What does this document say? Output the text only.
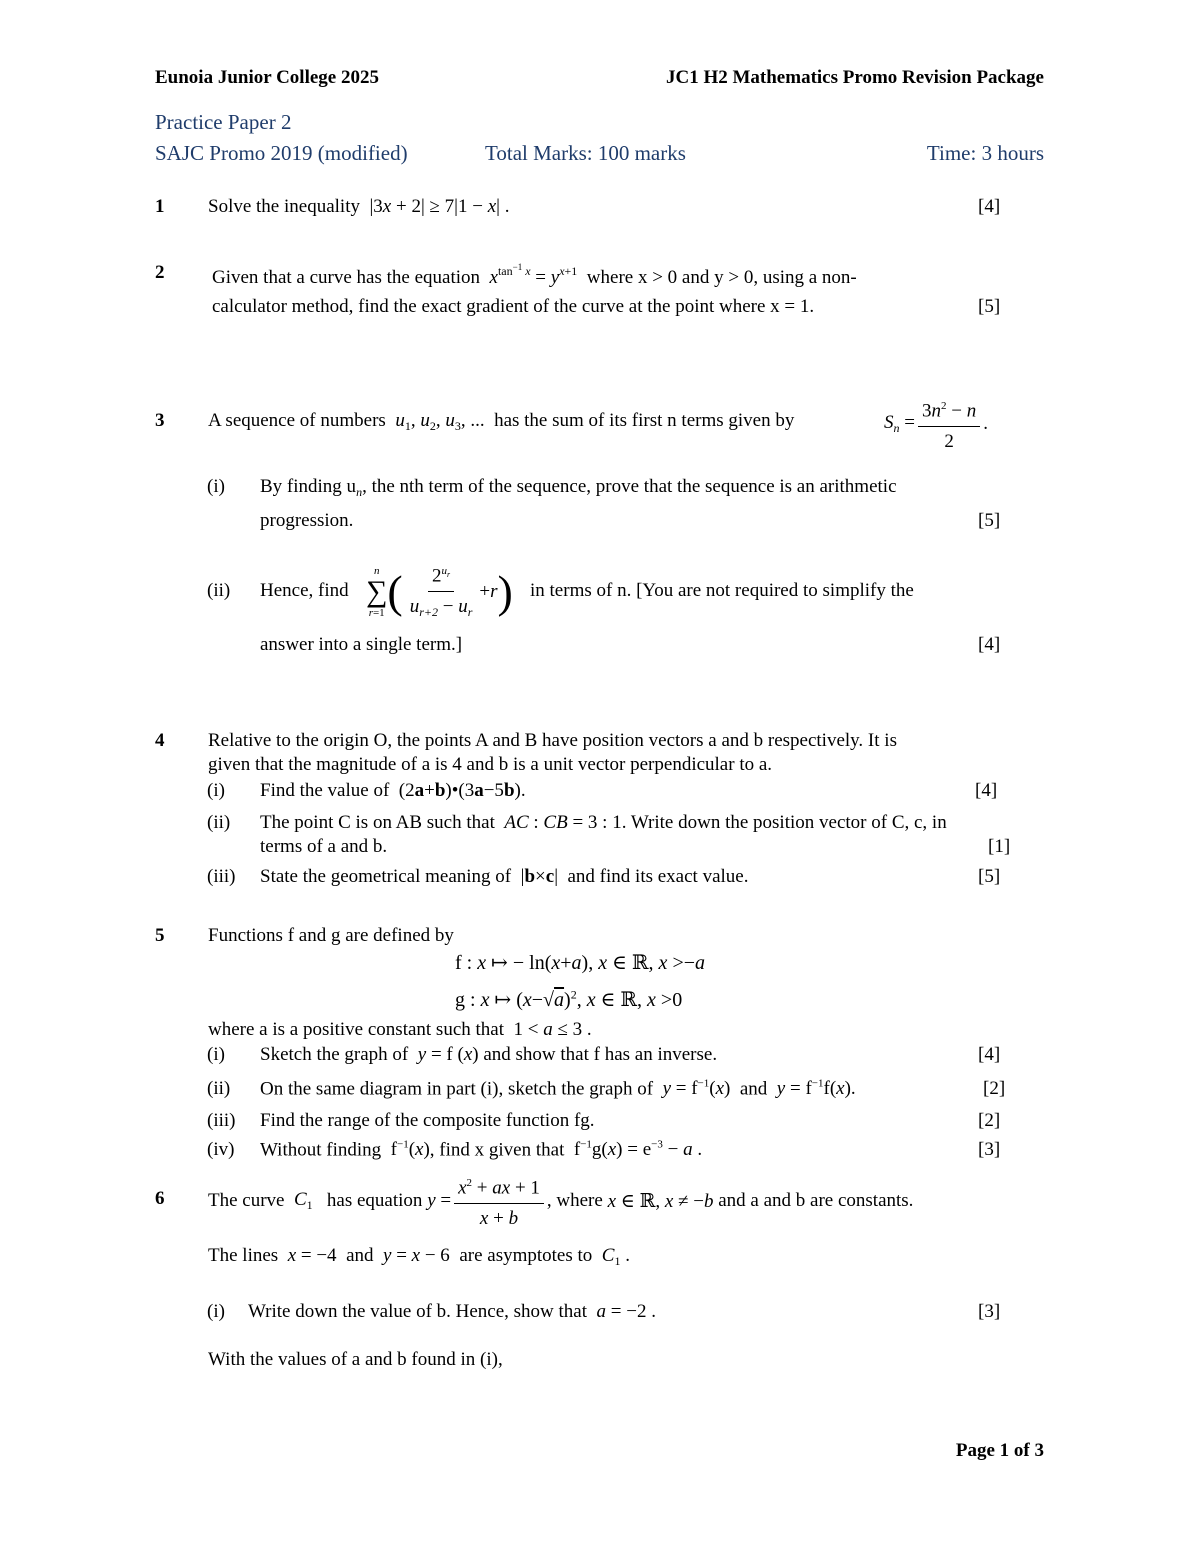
Eunoia Junior College 2025	JC1 H2 Mathematics Promo Revision Package
Practice Paper 2
SAJC Promo 2019 (modified)	Total Marks: 100 marks	Time: 3 hours
1 Solve the inequality |3x + 2| ≥ 7|1 − x| .	[4]
2	Given that a curve has the equation $x^{tan^{-1} x} = y^{x+1}$ where x > 0 and y > 0, using a non-
calculator method, find the exact gradient of the curve at the point where x = 1.	[5]
3 A sequence of numbers $u_1$, $u_2$, $u_3$, ... has the sum of its first n terms given by	$S_n = \frac{3n^2 - n}{2}$ .
(i) By finding $u_n$, the nth term of the sequence, prove that the sequence is an arithmetic
progression.	[5]
(ii) Hence, find
n
∑
r=1 ( $\frac{2^{u_r}}{u_{r+2} - u_r} +r$ ) in terms of n. [You are not required to simplify the
answer into a single term.]	[4]
4 Relative to the origin O, the points A and B have position vectors a and b respectively. It is
given that the magnitude of a is 4 and b is a unit vector perpendicular to a.
(i) Find the value of (2a+b)•(3a−5b).	[4]
(ii) The point C is on AB such that AC : CB = 3 : 1. Write down the position vector of C, c, in
terms of a and b.	[1]
(iii) State the geometrical meaning of |b×c| and find its exact value.	[5]
5 Functions f and g are defined by
f : x ↦ − ln(x+a), x ∈ ℝ, x >−a
g : x ↦ $(x-√a)^2$, x ∈ ℝ, x >0
where a is a positive constant such that 1 < a ≤ 3 .
(i) Sketch the graph of y = f (x) and show that f has an inverse.	[4]
(ii) On the same diagram in part (i), sketch the graph of $y = f^{-1}(x)$ and $y = f^{-1}f(x)$.	[2]
(iii) Find the range of the composite function fg.	[2]
(iv) Without finding $f^{-1}(x)$, find x given that $f^{-1}g(x) = e^{-3} - a$ .	[3]
6 The curve
$C_1$
has equation
$y = \frac{x^2 + ax + 1}{x + b}$ , where
x ∈ ℝ, x ≠ −b
and a and b are constants.
The lines x = −4 and y = x − 6 are asymptotes to $C_1$ .
(i) Write down the value of b. Hence, show that a = −2 .	[3]
With the values of a and b found in (i),
Page 1 of 3
